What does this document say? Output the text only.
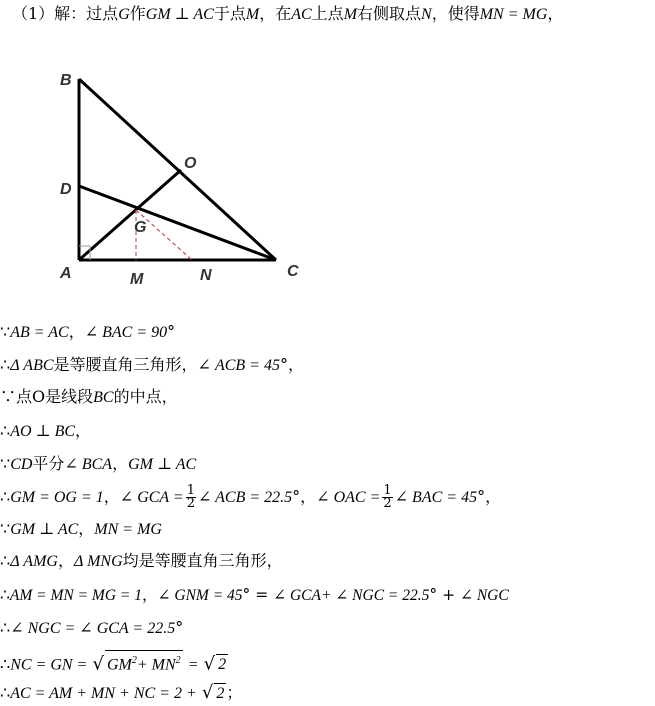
（1）解：过点G作GM ⊥ AC于点M，在AC上点M右侧取点N，使得MN = MG，
B
D
A
O
G
M	N	C
∵AB = AC，∠ BAC = 90°
∴Δ ABC是等腰直角三角形，∠ ACB = 45°，
∵点O是线段BC的中点，
∴AO ⊥ BC，
∵CD平分∠ BCA，GM ⊥ AC
∴GM = OG = 1，∠ GCA = $\frac{1}{2}$ ∠ ACB = 22.5°，∠ OAC = $\frac{1}{2}$ ∠ BAC = 45°，
∵GM ⊥ AC，MN = MG
∴Δ AMG，Δ MNG均是等腰直角三角形，
∴AM = MN = MG = 1，∠ GNM = 45° = ∠ GCA+ ∠ NGC = 22.5° + ∠ NGC
∴∠ NGC = ∠ GCA = 22.5°
∴NC = GN = √ $GM^2+ MN^2$ = √ 2
∴AC = AM + MN + NC = 2 + √ 2 ；
